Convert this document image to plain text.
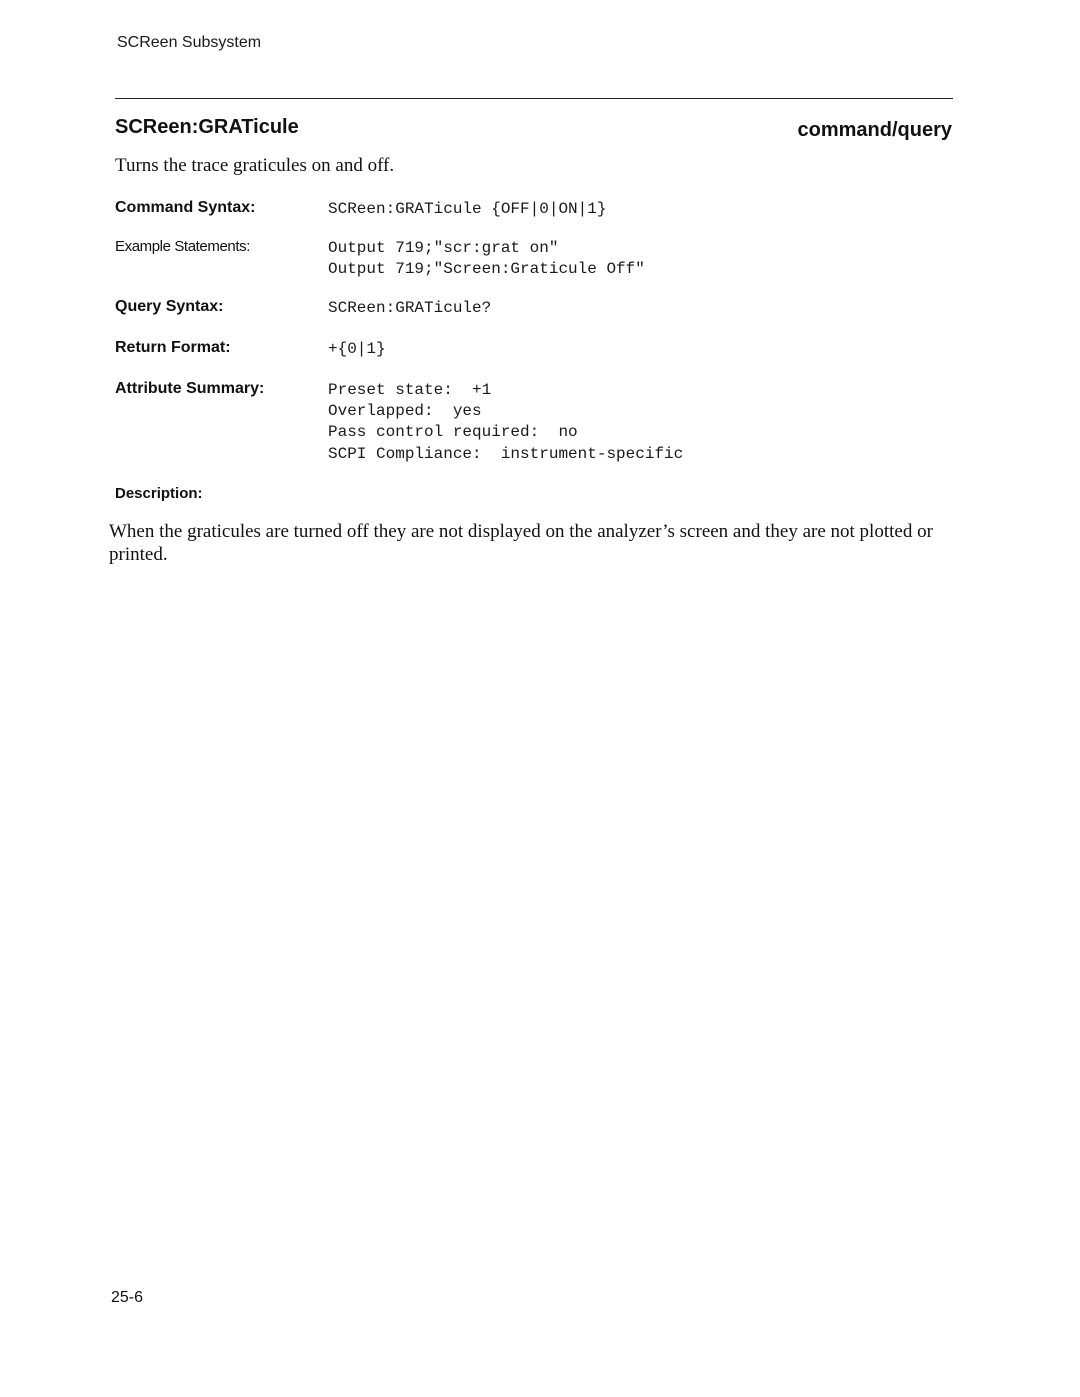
SCReen Subsystem
SCReen:GRATicule	command/query
Turns the trace graticules on and off.
Command Syntax:	SCReen:GRATicule {OFF|0|ON|1}
Example Statements:	Output 719;"scr:grat on"
Output 719;"Screen:Graticule Off"
Query Syntax:	SCReen:GRATicule?
Return Format:	+{0|1}
Attribute Summary:	Preset state:  +1
Overlapped:  yes
Pass control required:  no
SCPI Compliance:  instrument-specific
Description:
When the graticules are turned off they are not displayed on the analyzer’s screen and they are not plotted or printed.
25-6
